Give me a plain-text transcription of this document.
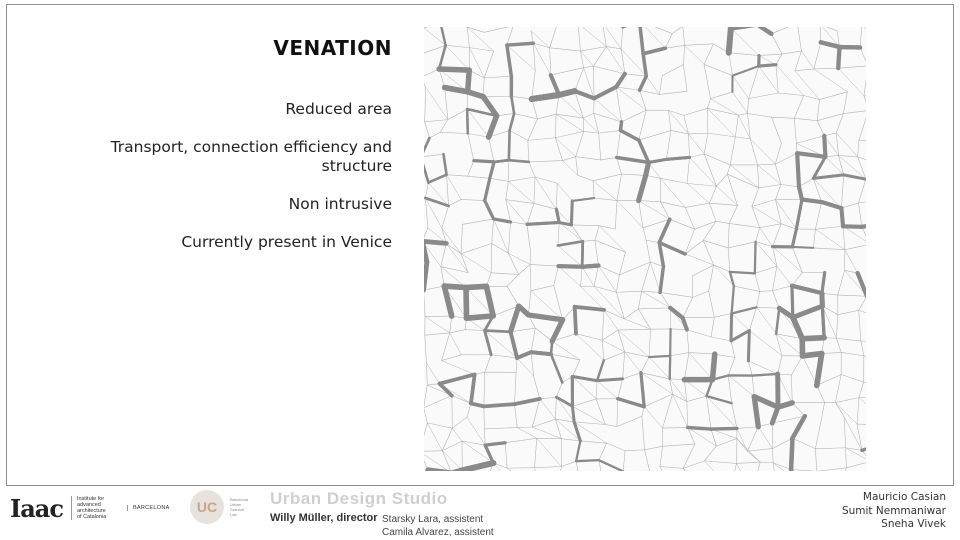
VENATION
Reduced area
Transport, connection efficiency and structure
Non intrusive
Currently present in Venice
Iaac	Institute for
advanced
architecture
of Catalonia
BARCELONA	UC	Barcelona Urban Science Lab
Urban Design Studio
Willy Müller, director Starsky Lara, assistent
Camila Alvarez, assistent
Mauricio Casian
Sumit Nemmaniwar
Sneha Vivek
